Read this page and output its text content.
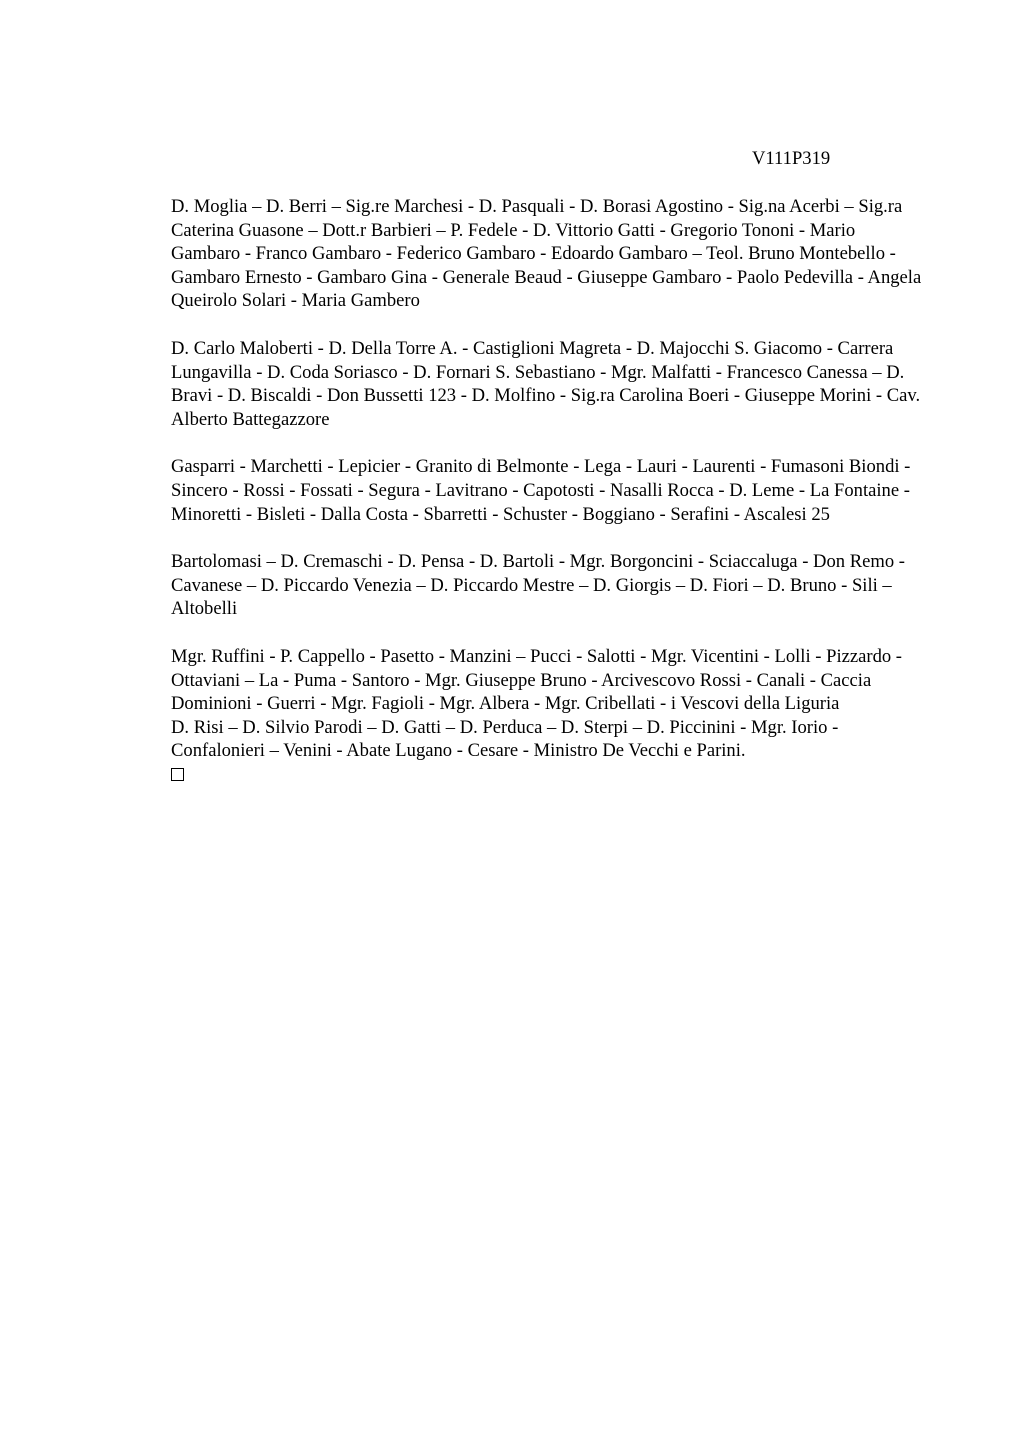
V111P319

D. Moglia – D. Berri – Sig.re Marchesi - D. Pasquali - D. Borasi Agostino - Sig.na Acerbi – Sig.ra Caterina Guasone – Dott.r Barbieri – P. Fedele - D. Vittorio Gatti - Gregorio Tononi - Mario Gambaro - Franco Gambaro - Federico Gambaro - Edoardo Gambaro – Teol. Bruno Montebello - Gambaro Ernesto - Gambaro Gina - Generale Beaud - Giuseppe Gambaro - Paolo Pedevilla - Angela Queirolo Solari - Maria Gambero

D. Carlo Maloberti - D. Della Torre A. - Castiglioni Magreta - D. Majocchi S. Giacomo - Carrera Lungavilla - D. Coda Soriasco - D. Fornari S. Sebastiano - Mgr. Malfatti - Francesco Canessa – D. Bravi - D. Biscaldi - Don Bussetti 123 - D. Molfino - Sig.ra Carolina Boeri - Giuseppe Morini - Cav. Alberto Battegazzore

Gasparri - Marchetti - Lepicier - Granito di Belmonte - Lega - Lauri - Laurenti - Fumasoni Biondi - Sincero - Rossi - Fossati - Segura - Lavitrano - Capotosti - Nasalli Rocca - D. Leme - La Fontaine - Minoretti - Bisleti - Dalla Costa - Sbarretti - Schuster - Boggiano - Serafini - Ascalesi 25

Bartolomasi – D. Cremaschi - D. Pensa - D. Bartoli - Mgr. Borgoncini - Sciaccaluga - Don Remo - Cavanese – D. Piccardo Venezia – D. Piccardo Mestre – D. Giorgis – D. Fiori – D. Bruno - Sili – Altobelli

Mgr. Ruffini - P. Cappello - Pasetto - Manzini – Pucci - Salotti - Mgr. Vicentini - Lolli - Pizzardo - Ottaviani – La - Puma - Santoro - Mgr. Giuseppe Bruno - Arcivescovo Rossi - Canali - Caccia Dominioni - Guerri - Mgr. Fagioli - Mgr. Albera - Mgr. Cribellati - i Vescovi della Liguria

D. Risi – D. Silvio Parodi – D. Gatti – D. Perduca – D. Sterpi – D. Piccinini - Mgr. Iorio - Confalonieri – Venini - Abate Lugano - Cesare - Ministro De Vecchi e Parini.
